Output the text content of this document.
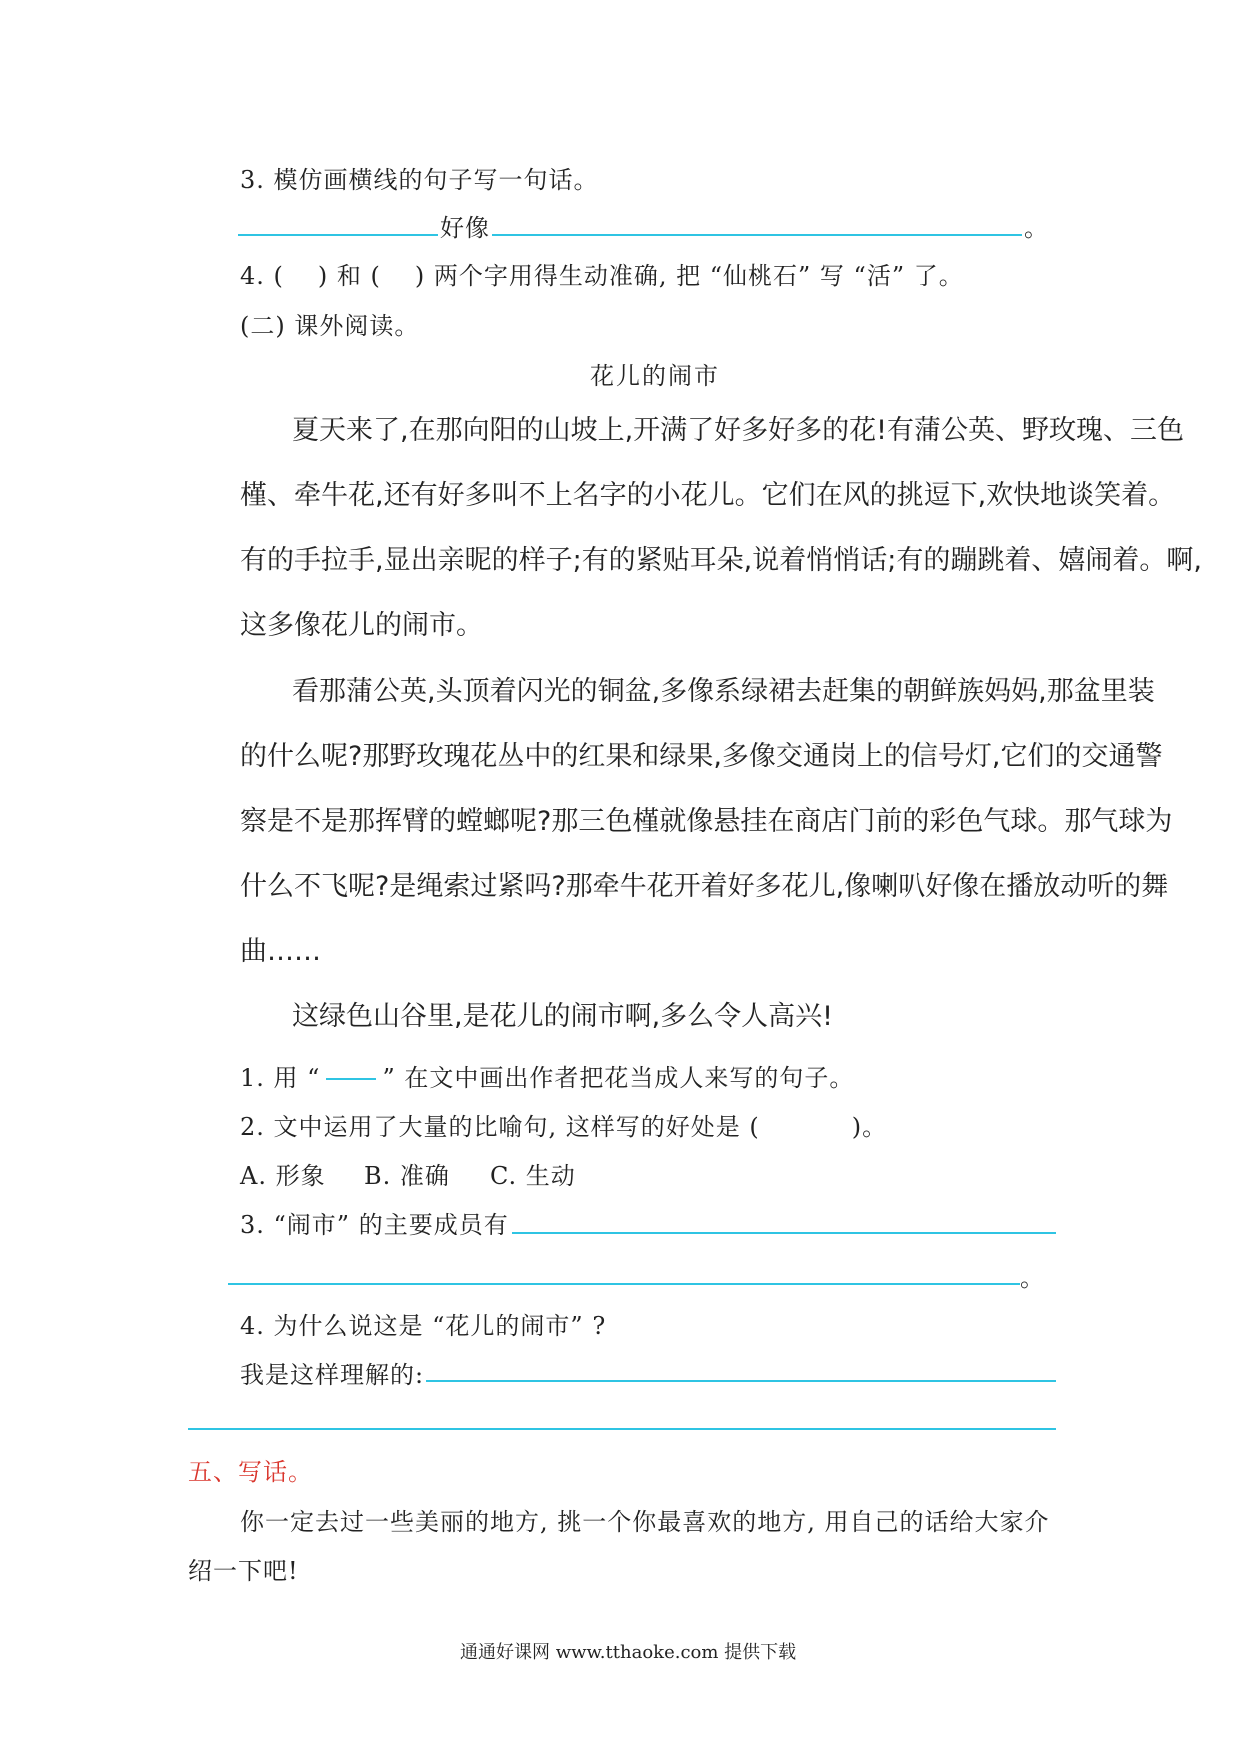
3. 模仿画横线的句子写一句话。
好像	。
4. ( ) 和 ( ) 两个字用得生动准确, 把 “仙桃石” 写 “活” 了。
(二) 课外阅读。
花儿的闹市
夏天来了,在那向阳的山坡上,开满了好多好多的花!有蒲公英、野玫瑰、三色
槿、牵牛花,还有好多叫不上名字的小花儿。它们在风的挑逗下,欢快地谈笑着。
有的手拉手,显出亲昵的样子;有的紧贴耳朵,说着悄悄话;有的蹦跳着、嬉闹着。啊,
这多像花儿的闹市。
看那蒲公英,头顶着闪光的铜盆,多像系绿裙去赶集的朝鲜族妈妈,那盆里装
的什么呢?那野玫瑰花丛中的红果和绿果,多像交通岗上的信号灯,它们的交通警
察是不是那挥臂的螳螂呢?那三色槿就像悬挂在商店门前的彩色气球。那气球为
什么不飞呢?是绳索过紧吗?那牵牛花开着好多花儿,像喇叭好像在播放动听的舞
曲……
这绿色山谷里,是花儿的闹市啊,多么令人高兴!
1. 用 “	” 在文中画出作者把花当成人来写的句子。
2. 文中运用了大量的比喻句, 这样写的好处是 (	)。
A. 形象 B. 准确 C. 生动
3. “闹市” 的主要成员有
。
4. 为什么说这是 “花儿的闹市” ?
我是这样理解的:
五、写话。
你一定去过一些美丽的地方, 挑一个你最喜欢的地方, 用自己的话给大家介
绍一下吧!
通通好课网 www.tthaoke.com 提供下载
